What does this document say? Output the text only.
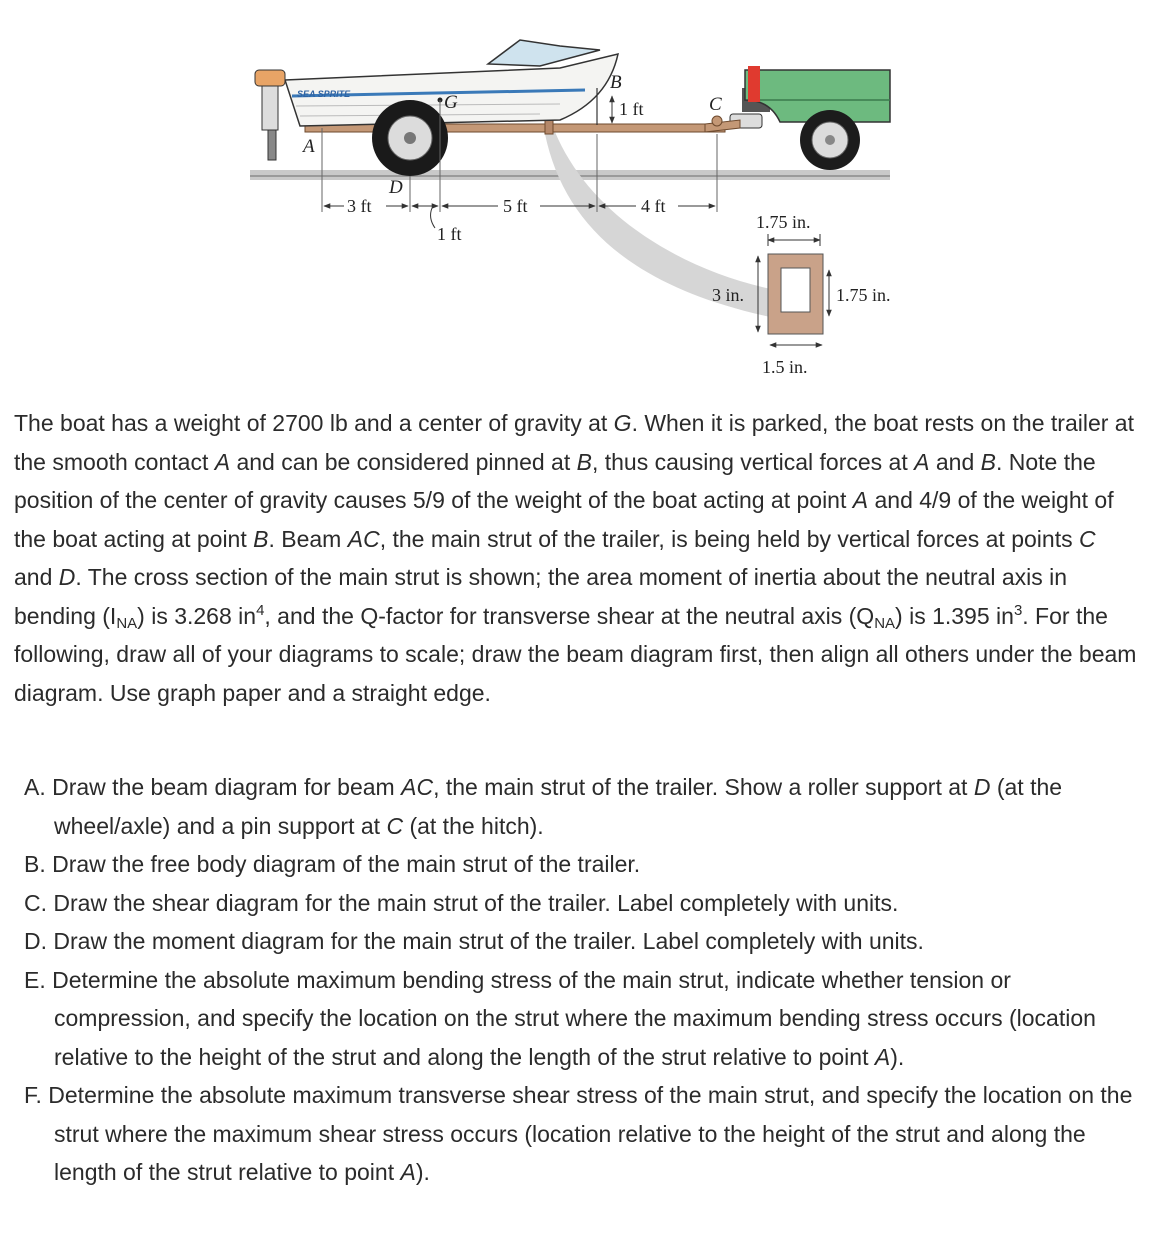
SEA SPRITE
A
D
G
B
C
1 ft
3 ft
1 ft
5 ft	4 ft
1.75 in.
3 in.	1.75 in.
1.5 in.

The boat has a weight of 2700 lb and a center of gravity at G. When it is parked, the boat rests on the trailer at the smooth contact A and can be considered pinned at B, thus causing vertical forces at A and B. Note the position of the center of gravity causes 5/9 of the weight of the boat acting at point A and 4/9 of the weight of the boat acting at point B. Beam AC, the main strut of the trailer, is being held by vertical forces at points C and D. The cross section of the main strut is shown; the area moment of inertia about the neutral axis in bending $(I_{NA})$ is 3.268 $in^4$, and the Q-factor for transverse shear at the neutral axis $(Q_{NA})$ is 1.395 $in^3$. For the following, draw all of your diagrams to scale; draw the beam diagram first, then align all others under the beam diagram. Use graph paper and a straight edge.

A. Draw the beam diagram for beam AC, the main strut of the trailer. Show a roller support at D (at the wheel/axle) and a pin support at C (at the hitch).
B. Draw the free body diagram of the main strut of the trailer.
C. Draw the shear diagram for the main strut of the trailer. Label completely with units.
D. Draw the moment diagram for the main strut of the trailer. Label completely with units.
E. Determine the absolute maximum bending stress of the main strut, indicate whether tension or compression, and specify the location on the strut where the maximum bending stress occurs (location relative to the height of the strut and along the length of the strut relative to point A).
F. Determine the absolute maximum transverse shear stress of the main strut, and specify the location on the strut where the maximum shear stress occurs (location relative to the height of the strut and along the length of the strut relative to point A).
